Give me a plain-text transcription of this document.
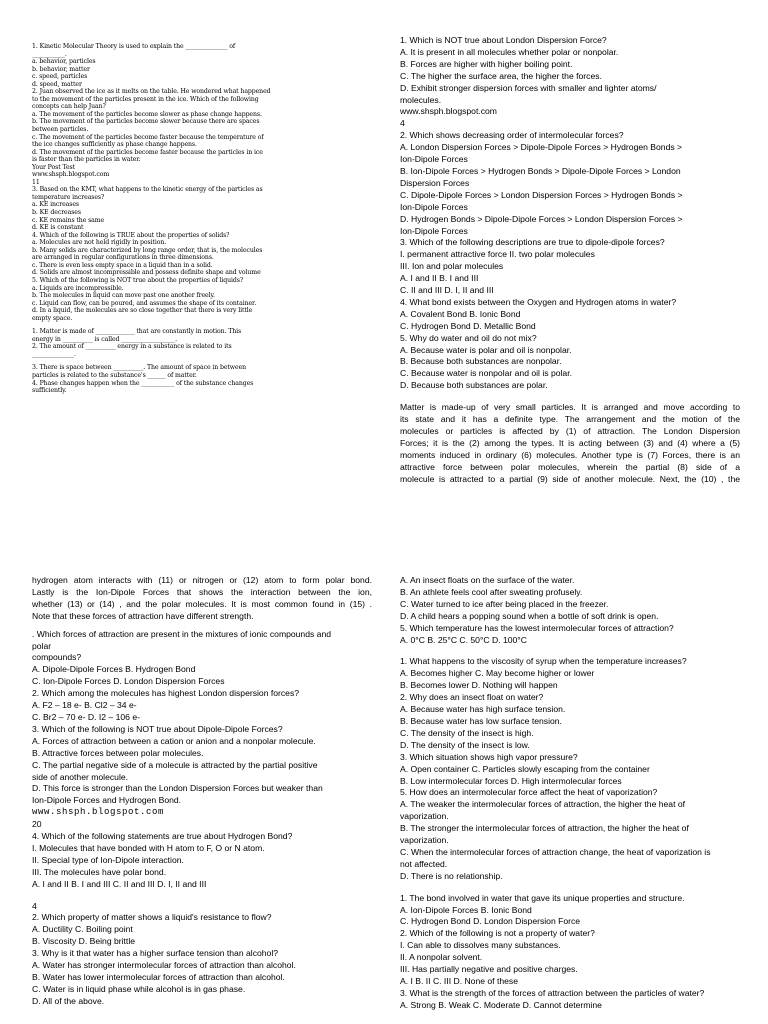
1. Kinetic Molecular Theory is used to explain the ______________ of

___________.

a. behavior, particles

b. behavior, matter

c. speed, particles

d. speed, matter

2. Juan observed the ice as it melts on the table. He wondered what happened

to the movement of the particles present in the ice. Which of the following

concepts can help Juan?

a. The movement of the particles become slower as phase change happens.

b. The movement of the particles become slower because there are spaces

between particles.

c. The movement of the particles become faster because the temperature of

the ice changes sufficiently as phase change happens.

d. The movement of the particles become faster because the particles in ice

is faster than the particles in water.

Your Post Test

www.shsph.blogspot.com

11

3. Based on the KMT, what happens to the kinetic energy of the particles as

temperature increases?

a. KE increases

b. KE decreases

c. KE remains the same

d. KE is constant

4. Which of the following is TRUE about the properties of solids?

a. Molecules are not held rigidly in position.

b. Many solids are characterized by long range order, that is, the molecules

are arranged in regular configurations in three dimensions.

c. There is even less empty space in a liquid than in a solid.

d. Solids are almost incompressible and possess definite shape and volume

5. Which of the following is NOT true about the properties of liquids?

a. Liquids are incompressible.

b. The molecules in liquid can move past one another freely.

c. Liquid can flow, can be poured, and assumes the shape of its container.

d. In a liquid, the molecules are so close together that there is very little

empty space.

1. Matter is made of _____________ that are constantly in motion. This

energy in __________ is called __________________.

2. The amount of __________ energy in a substance is related to its

______________.

3. There is space between __________. The amount of space in between

particles is related to the substance's ______ of matter.

4. Phase changes happen when the ___________ of the substance changes

sufficiently.

1. Which is NOT true about London Dispersion Force?

A. It is present in all molecules whether polar or nonpolar.

B. Forces are higher with higher boiling point.

C. The higher the surface area, the higher the forces.

D. Exhibit stronger dispersion forces with smaller and lighter atoms/

molecules.

www.shsph.blogspot.com

4

2. Which shows decreasing order of intermolecular forces?

A. London Dispersion Forces > Dipole-Dipole Forces > Hydrogen Bonds >

Ion-Dipole Forces

B. Ion-Dipole Forces > Hydrogen Bonds > Dipole-Dipole Forces > London

Dispersion Forces

C. Dipole-Dipole Forces > London Dispersion Forces > Hydrogen Bonds >

Ion-Dipole Forces

D. Hydrogen Bonds > Dipole-Dipole Forces > London Dispersion Forces >

Ion-Dipole Forces

3. Which of the following descriptions are true to dipole-dipole forces?

I. permanent attractive force II. two polar molecules

III. Ion and polar molecules

A. I and II B. I and III

C. II and III D. I, II and III

4. What bond exists between the Oxygen and Hydrogen atoms in water?

A. Covalent Bond B. Ionic Bond

C. Hydrogen Bond D. Metallic Bond

5. Why do water and oil do not mix?

A. Because water is polar and oil is nonpolar.

B. Because both substances are nonpolar.

C. Because water is nonpolar and oil is polar.

D. Because both substances are polar.

Matter is made-up of very small particles. It is arranged and move according to

its state and it has a definite type. The arrangement and the motion of the

molecules or particles is affected by (1) of attraction. The London Dispersion

Forces; it is the (2) among the types. It is acting between (3) and (4) where a (5)

moments induced in ordinary (6) molecules. Another type is (7) Forces, there is an

attractive force between polar molecules, wherein the partial (8) side of a

molecule is attracted to a partial (9) side of another molecule. Next, the (10) , the

hydrogen atom interacts with (11) or nitrogen or (12) atom to form polar bond.

Lastly is the Ion-Dipole Forces that shows the interaction between the ion,

whether (13) or (14) , and the polar molecules. It is most common found in (15) .

Note that these forces of attraction have different strength.

. Which forces of attraction are present in the mixtures of ionic compounds and

polar

compounds?

A. Dipole-Dipole Forces B. Hydrogen Bond

C. Ion-Dipole Forces D. London Dispersion Forces

2. Which among the molecules has highest London dispersion forces?

A. F2 – 18 e- B. Cl2 – 34 e-

C. Br2 – 70 e- D. I2 – 106 e-

3. Which of the following is NOT true about Dipole-Dipole Forces?

A. Forces of attraction between a cation or anion and a nonpolar molecule.

B. Attractive forces between polar molecules.

C. The partial negative side of a molecule is attracted by the partial positive

side of another molecule.

D. This force is stronger than the London Dispersion Forces but weaker than

Ion-Dipole Forces and Hydrogen Bond.

www.shsph.blogspot.com

20

4. Which of the following statements are true about Hydrogen Bond?

I. Molecules that have bonded with H atom to F, O or N atom.

II. Special type of Ion-Dipole interaction.

III. The molecules have polar bond.

A. I and II B. I and III C. II and III D. I, II and III

4

2. Which property of matter shows a liquid's resistance to flow?

A. Ductility C. Boiling point

B. Viscosity D. Being brittle

3. Why is it that water has a higher surface tension than alcohol?

A. Water has stronger intermolecular forces of attraction than alcohol.

B. Water has lower intermolecular forces of attraction than alcohol.

C. Water is in liquid phase while alcohol is in gas phase.

D. All of the above.

A. An insect floats on the surface of the water.

B. An athlete feels cool after sweating profusely.

C. Water turned to ice after being placed in the freezer.

D. A child hears a popping sound when a bottle of soft drink is open.

5. Which temperature has the lowest intermolecular forces of attraction?

A. 0°C B. 25°C C. 50°C D. 100°C

1. What happens to the viscosity of syrup when the temperature increases?

A. Becomes higher C. May become higher or lower

B. Becomes lower D. Nothing will happen

2. Why does an insect float on water?

A. Because water has high surface tension.

B. Because water has low surface tension.

C. The density of the insect is high.

D. The density of the insect is low.

3. Which situation shows high vapor pressure?

A. Open container C. Particles slowly escaping from the container

B. Low intermolecular forces D. High intermolecular forces

5. How does an intermolecular force affect the heat of vaporization?

A. The weaker the intermolecular forces of attraction, the higher the heat of

vaporization.

B. The stronger the intermolecular forces of attraction, the higher the heat of

vaporization.

C. When the intermolecular forces of attraction change, the heat of vaporization is

not affected.

D. There is no relationship.

1. The bond involved in water that gave its unique properties and structure.

A. Ion-Dipole Forces B. Ionic Bond

C. Hydrogen Bond D. London Dispersion Force

2. Which of the following is not a property of water?

I. Can able to dissolves many substances.

II. A nonpolar solvent.

III. Has partially negative and positive charges.

A. I B. II C. III D. None of these

3. What is the strength of the forces of attraction between the particles of water?

A. Strong B. Weak C. Moderate D. Cannot determine
